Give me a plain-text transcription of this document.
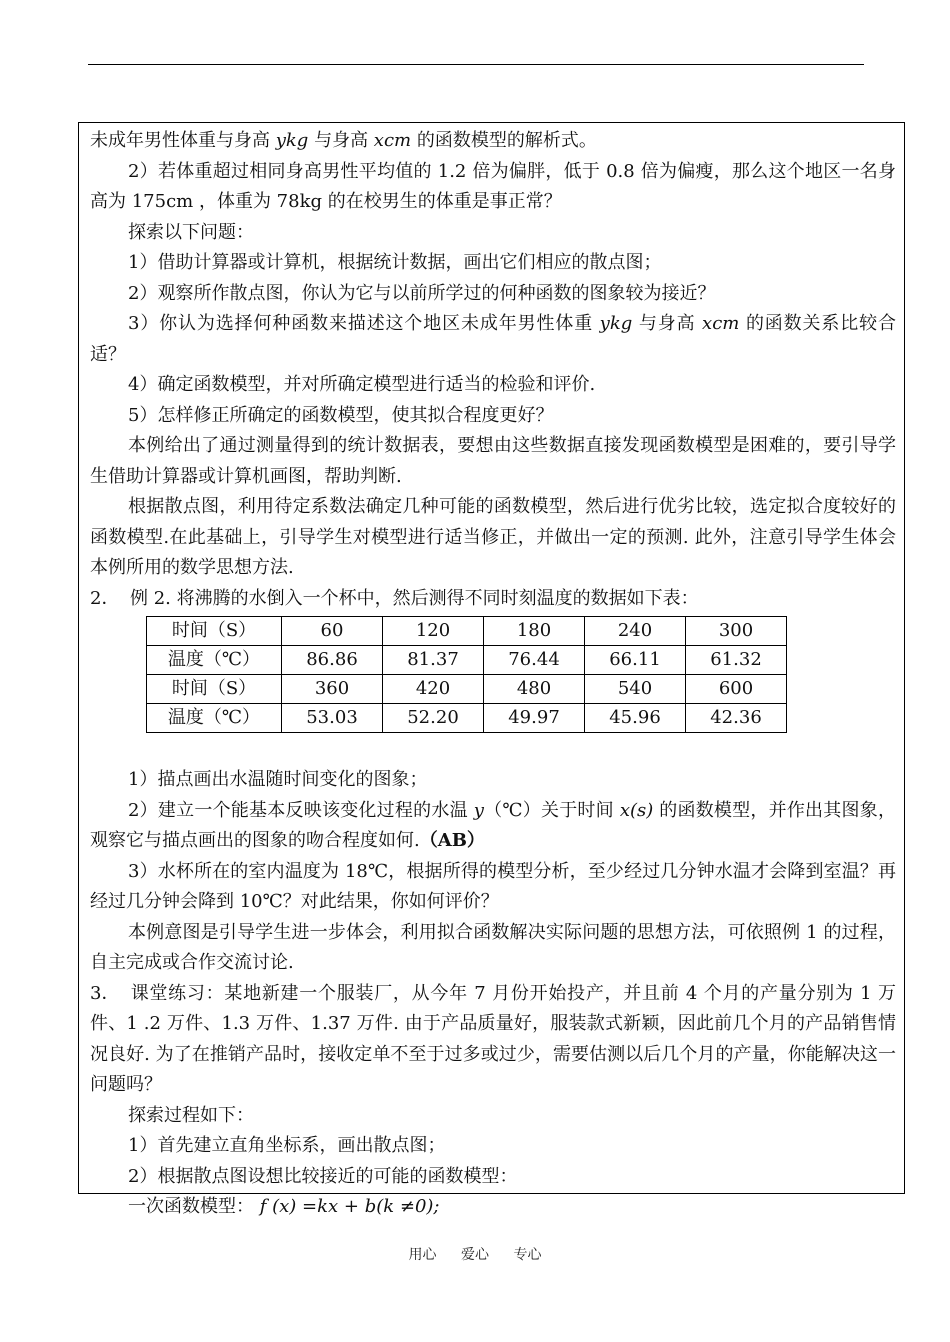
未成年男性体重与身高 ykg 与身高 xcm 的函数模型的解析式。

2）若体重超过相同身高男性平均值的 1.2 倍为偏胖，低于 0.8 倍为偏瘦，那么这个地区一名身高为 175cm ，体重为 78kg 的在校男生的体重是事正常？

探索以下问题：

1）借助计算器或计算机，根据统计数据，画出它们相应的散点图；

2）观察所作散点图，你认为它与以前所学过的何种函数的图象较为接近？

3）你认为选择何种函数来描述这个地区未成年男性体重 ykg 与身高 xcm 的函数关系比较合适？

4）确定函数模型，并对所确定模型进行适当的检验和评价.

5）怎样修正所确定的函数模型，使其拟合程度更好？

本例给出了通过测量得到的统计数据表，要想由这些数据直接发现函数模型是困难的，要引导学生借助计算器或计算机画图，帮助判断.

根据散点图，利用待定系数法确定几种可能的函数模型，然后进行优劣比较，选定拟合度较好的函数模型.在此基础上，引导学生对模型进行适当修正，并做出一定的预测. 此外，注意引导学生体会本例所用的数学思想方法.

2． 例 2. 将沸腾的水倒入一个杯中，然后测得不同时刻温度的数据如下表：

时间（S）	60	120	180	240	300
温度（℃）	86.86	81.37	76.44	66.11	61.32
时间（S）	360	420	480	540	600
温度（℃）	53.03	52.20	49.97	45.96	42.36

1）描点画出水温随时间变化的图象；

2）建立一个能基本反映该变化过程的水温 y（℃）关于时间 x(s) 的函数模型，并作出其图象，观察它与描点画出的图象的吻合程度如何.（AB）

3）水杯所在的室内温度为 18℃，根据所得的模型分析，至少经过几分钟水温才会降到室温？再经过几分钟会降到 10℃？对此结果，你如何评价？

本例意图是引导学生进一步体会，利用拟合函数解决实际问题的思想方法，可依照例 1 的过程，自主完成或合作交流讨论.

3． 课堂练习：某地新建一个服装厂，从今年 7 月份开始投产，并且前 4 个月的产量分别为 1 万件、1 .2 万件、1.3 万件、1.37 万件. 由于产品质量好，服装款式新颖，因此前几个月的产品销售情况良好. 为了在推销产品时，接收定单不至于过多或过少，需要估测以后几个月的产量，你能解决这一问题吗？

探索过程如下：

1）首先建立直角坐标系，画出散点图；

2）根据散点图设想比较接近的可能的函数模型：

一次函数模型： f (x) =kx + b(k ≠0);

用心 爱心 专心
